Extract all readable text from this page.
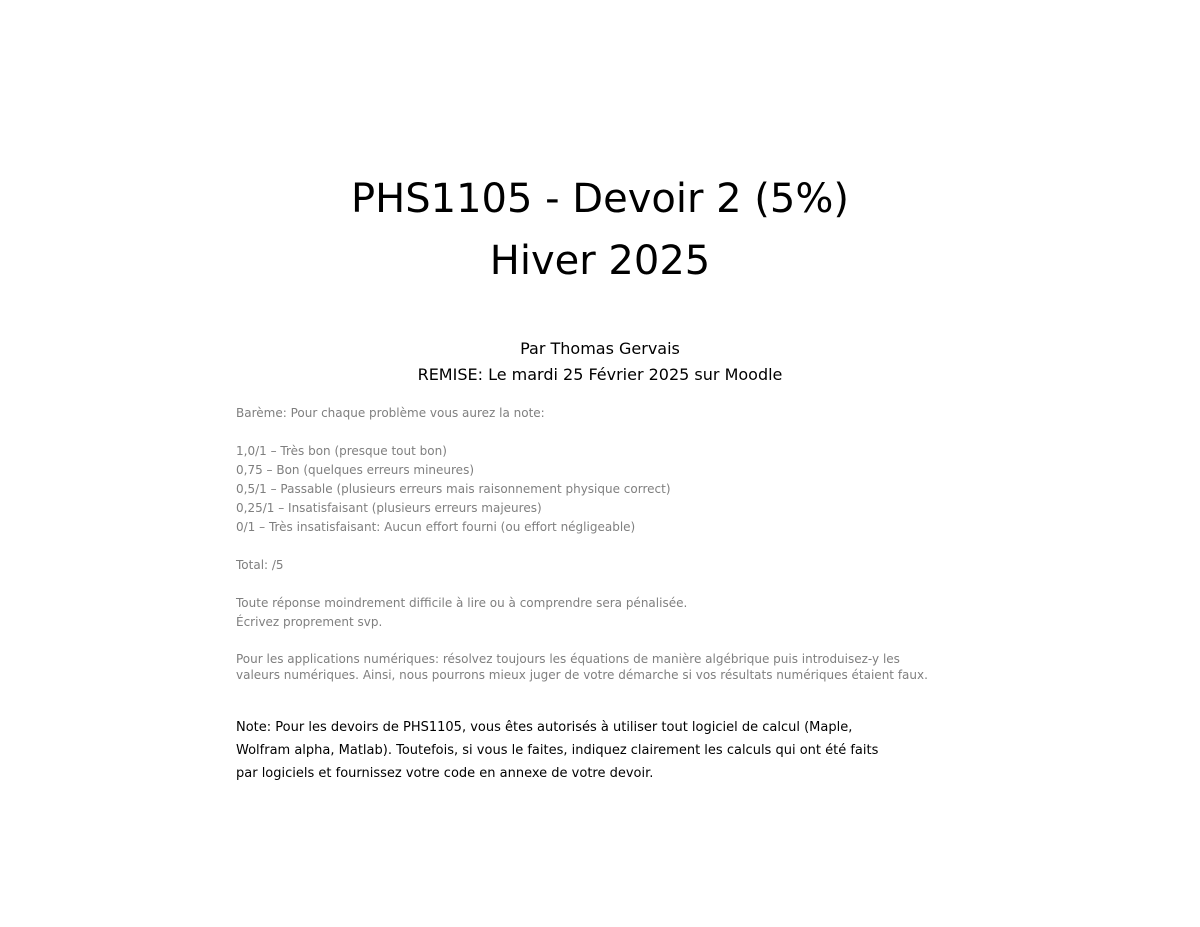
PHS1105 - Devoir 2 (5%)
Hiver 2025
Par Thomas Gervais
REMISE: Le mardi 25 Février 2025 sur Moodle
Barème: Pour chaque problème vous aurez la note:
1,0/1 – Très bon (presque tout bon)
0,75 – Bon (quelques erreurs mineures)
0,5/1 – Passable (plusieurs erreurs mais raisonnement physique correct)
0,25/1 – Insatisfaisant (plusieurs erreurs majeures)
0/1 – Très insatisfaisant: Aucun effort fourni (ou effort négligeable)
Total: /5
Toute réponse moindrement difficile à lire ou à comprendre sera pénalisée.
Écrivez proprement svp.
Pour les applications numériques: résolvez toujours les équations de manière algébrique puis introduisez-y les
valeurs numériques. Ainsi, nous pourrons mieux juger de votre démarche si vos résultats numériques étaient faux.
Note: Pour les devoirs de PHS1105, vous êtes autorisés à utiliser tout logiciel de calcul (Maple,
Wolfram alpha, Matlab). Toutefois, si vous le faites, indiquez clairement les calculs qui ont été faits
par logiciels et fournissez votre code en annexe de votre devoir.
